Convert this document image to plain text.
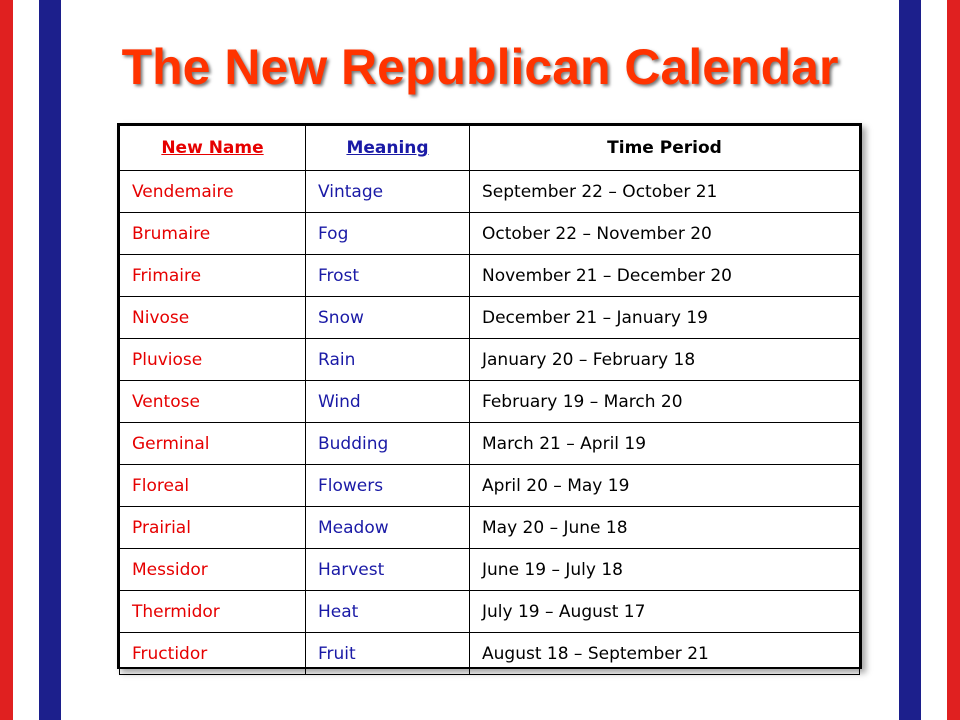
The New Republican Calendar
New Name	Meaning	Time Period
Vendemaire	Vintage	September 22 – October 21
Brumaire	Fog	October 22 – November 20
Frimaire	Frost	November 21 – December 20
Nivose	Snow	December 21 – January 19
Pluviose	Rain	January 20 – February 18
Ventose	Wind	February 19 – March 20
Germinal	Budding	March 21 – April 19
Floreal	Flowers	April 20 – May 19
Prairial	Meadow	May 20 – June 18
Messidor	Harvest	June 19 – July 18
Thermidor	Heat	July 19 – August 17
Fructidor	Fruit	August 18 – September 21
